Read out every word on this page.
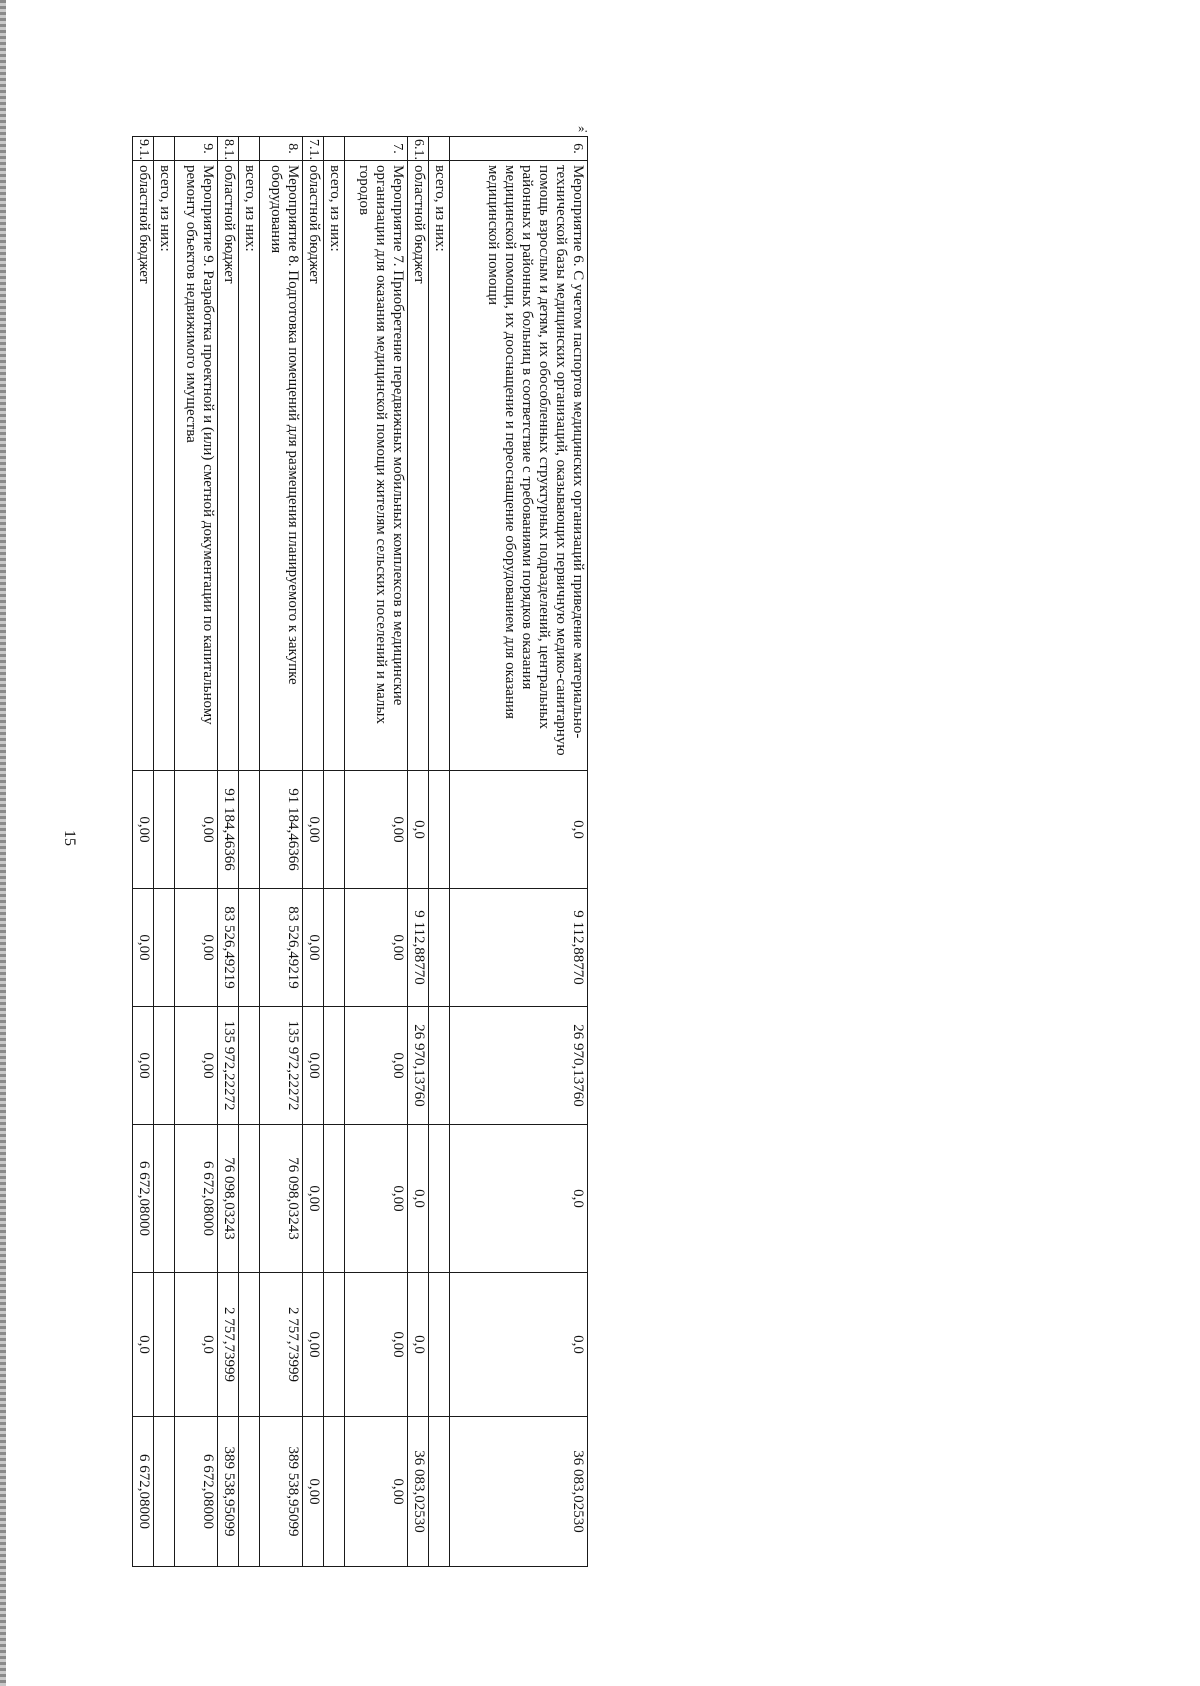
15
6.	Мероприятие 6. С учетом паспортов медицинских организаций приведение материально-технической базы медицинских организаций, оказывающих первичную медико-санитарную помощь взрослым и детям, их обособленных структурных подразделений, центральных районных и районных больниц в соответствие с требованиями порядков оказания медицинской помощи, их дооснащение и переоснащение оборудованием для оказания медицинской помощи	0,0	9 112,88770	26 970,13760	0,0	0,0	36 083,02530
	всего, из них:						
6.1.	областной бюджет	0,0	9 112,88770	26 970,13760	0,0	0,0	36 083,02530
7.	Мероприятие 7. Приобретение передвижных мобильных комплексов в медицинские организации для оказания медицинской помощи жителям сельских поселений и малых городов	0,00	0,00	0,00	0,00	0,00	0,00
	всего, из них:						
7.1.	областной бюджет	0,00	0,00	0,00	0,00	0,00	0,00
8.	Мероприятие 8. Подготовка помещений для размещения планируемого к закупке оборудования	91 184,46366	83 526,49219	135 972,22272	76 098,03243	2 757,73999	389 538,95099
	всего, из них:						
8.1.	областной бюджет	91 184,46366	83 526,49219	135 972,22272	76 098,03243	2 757,73999	389 538,95099
9.	Мероприятие 9. Разработка проектной и (или) сметной документации по капитальному ремонту объектов недвижимого имущества	0,00	0,00	0,00	6 672,08000	0,0	6 672,08000
	всего, из них:						
9.1.	областной бюджет	0,00	0,00	0,00	6 672,08000	0,0	6 672,08000
».
